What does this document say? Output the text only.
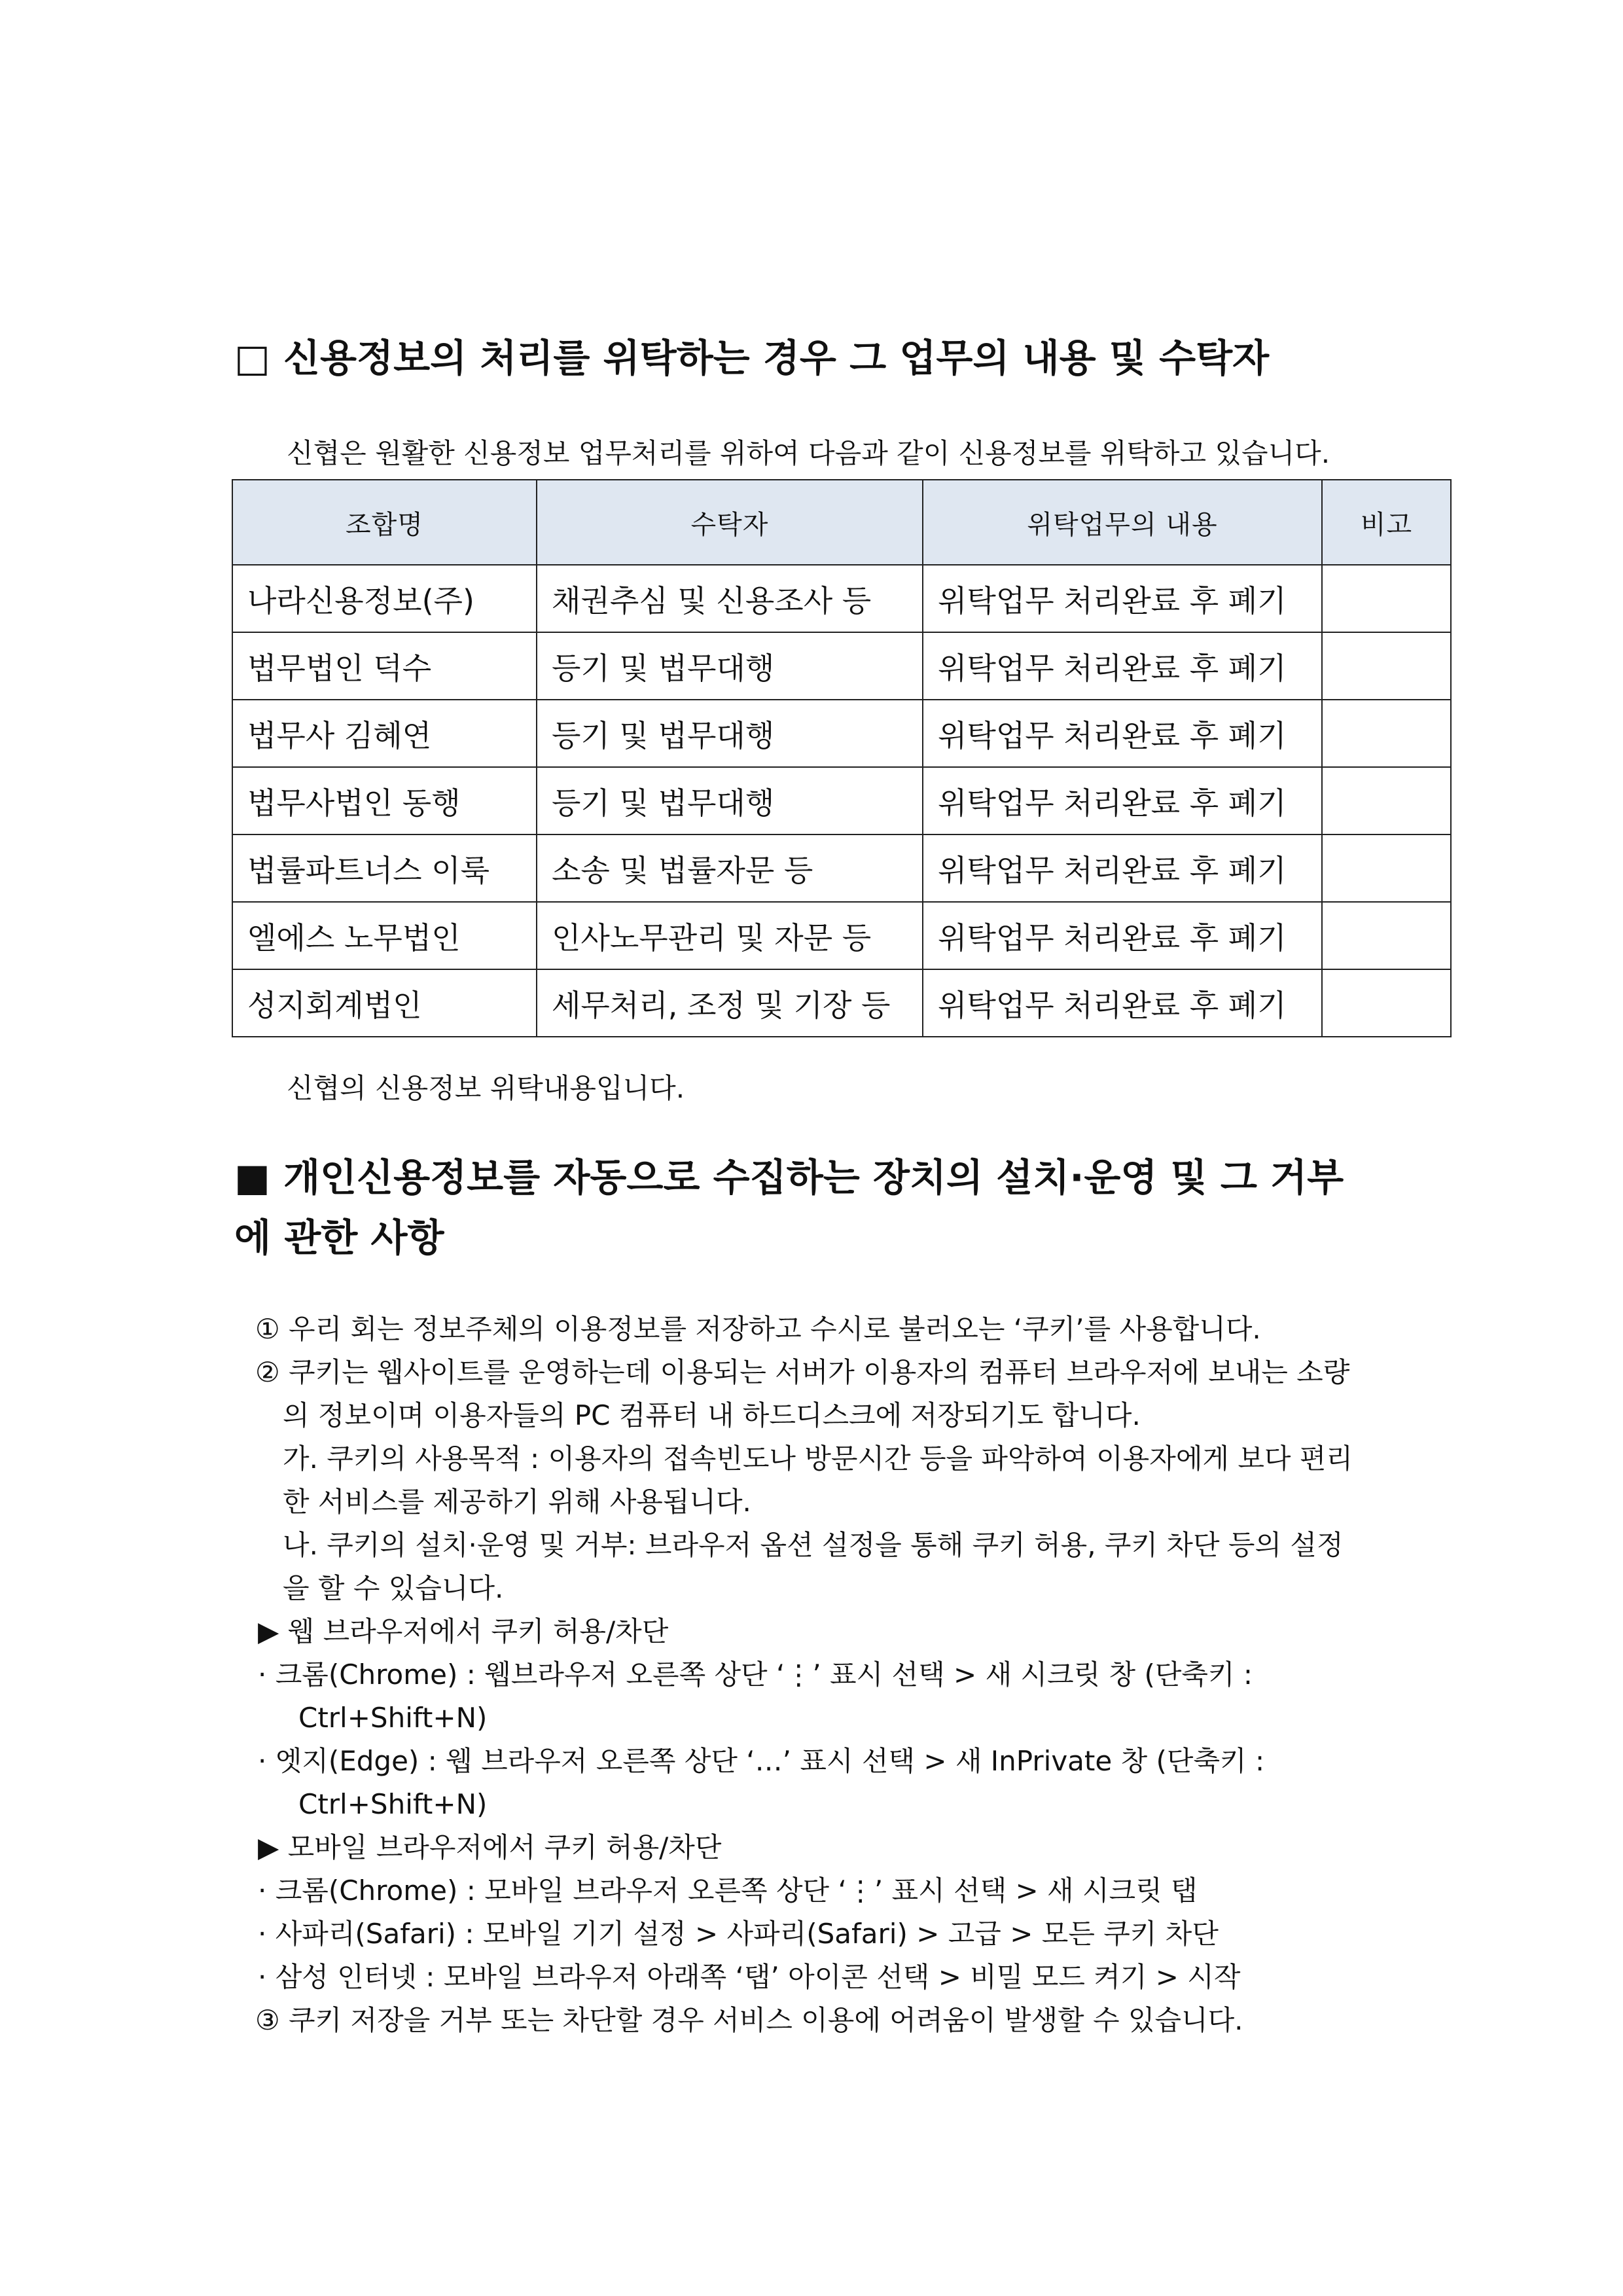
□ 신용정보의 처리를 위탁하는 경우 그 업무의 내용 및 수탁자
신협은 원활한 신용정보 업무처리를 위하여 다음과 같이 신용정보를 위탁하고 있습니다.
조합명	수탁자	위탁업무의 내용	비고
나라신용정보(주)	채권추심 및 신용조사 등	위탁업무 처리완료 후 폐기	
법무법인 덕수	등기 및 법무대행	위탁업무 처리완료 후 폐기	
법무사 김혜연	등기 및 법무대행	위탁업무 처리완료 후 폐기	
법무사법인 동행	등기 및 법무대행	위탁업무 처리완료 후 폐기	
법률파트너스 이룩	소송 및 법률자문 등	위탁업무 처리완료 후 폐기	
엘에스 노무법인	인사노무관리 및 자문 등	위탁업무 처리완료 후 폐기	
성지회계법인	세무처리, 조정 및 기장 등	위탁업무 처리완료 후 폐기	
신협의 신용정보 위탁내용입니다.
■ 개인신용정보를 자동으로 수집하는 장치의 설치·운영 및 그 거부
에 관한 사항
① 우리 회는 정보주체의 이용정보를 저장하고 수시로 불러오는 ‘쿠키’를 사용합니다.
② 쿠키는 웹사이트를 운영하는데 이용되는 서버가 이용자의 컴퓨터 브라우저에 보내는 소량
의 정보이며 이용자들의 PC 컴퓨터 내 하드디스크에 저장되기도 합니다.
가. 쿠키의 사용목적 : 이용자의 접속빈도나 방문시간 등을 파악하여 이용자에게 보다 편리
한 서비스를 제공하기 위해 사용됩니다.
나. 쿠키의 설치·운영 및 거부: 브라우저 옵션 설정을 통해 쿠키 허용, 쿠키 차단 등의 설정
을 할 수 있습니다.
▶ 웹 브라우저에서 쿠키 허용/차단
· 크롬(Chrome) : 웹브라우저 오른쪽 상단 ‘⋮’ 표시 선택 > 새 시크릿 창 (단축키 :
Ctrl+Shift+N)
· 엣지(Edge) : 웹 브라우저 오른쪽 상단 ‘…’ 표시 선택 > 새 InPrivate 창 (단축키 :
Ctrl+Shift+N)
▶ 모바일 브라우저에서 쿠키 허용/차단
· 크롬(Chrome) : 모바일 브라우저 오른쪽 상단 ‘⋮’ 표시 선택 > 새 시크릿 탭
· 사파리(Safari) : 모바일 기기 설정 > 사파리(Safari) > 고급 > 모든 쿠키 차단
· 삼성 인터넷 : 모바일 브라우저 아래쪽 ‘탭’ 아이콘 선택 > 비밀 모드 켜기 > 시작
③ 쿠키 저장을 거부 또는 차단할 경우 서비스 이용에 어려움이 발생할 수 있습니다.
